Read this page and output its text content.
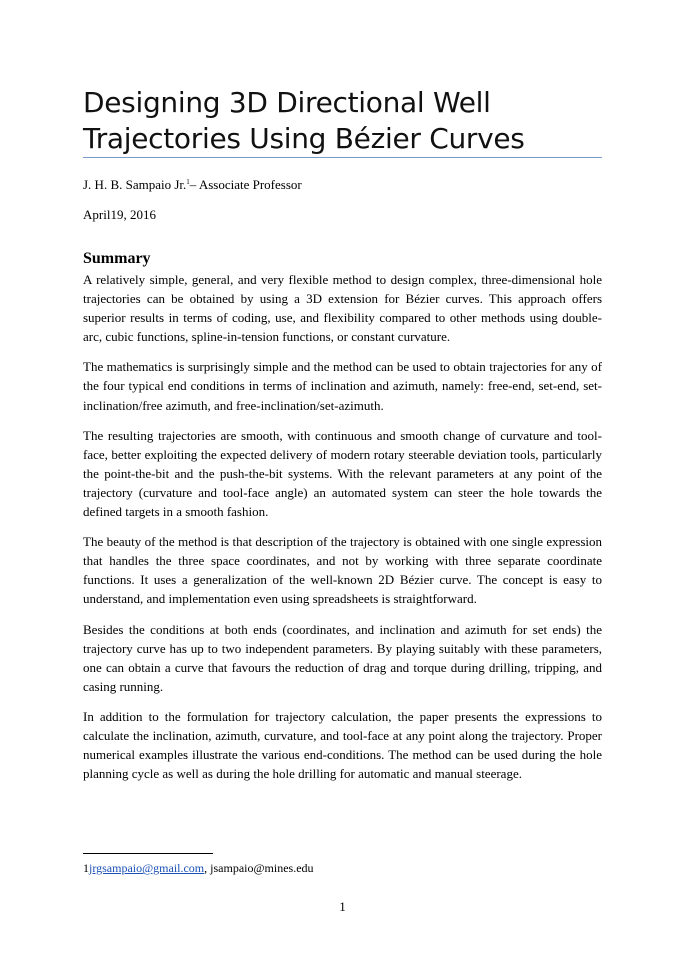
Designing 3D Directional Well Trajectories Using Bézier Curves
J. H. B. Sampaio Jr.$^1$– Associate Professor
April19, 2016
Summary

A relatively simple, general, and very flexible method to design complex, three-dimensional hole trajectories can be obtained by using a 3D extension for Bézier curves. This approach offers superior results in terms of coding, use, and flexibility compared to other methods using double-arc, cubic functions, spline-in-tension functions, or constant curvature.

The mathematics is surprisingly simple and the method can be used to obtain trajectories for any of the four typical end conditions in terms of inclination and azimuth, namely: free-end, set-end, set-inclination/free azimuth, and free-inclination/set-azimuth.

The resulting trajectories are smooth, with continuous and smooth change of curvature and tool-face, better exploiting the expected delivery of modern rotary steerable deviation tools, particularly the point-the-bit and the push-the-bit systems. With the relevant parameters at any point of the trajectory (curvature and tool-face angle) an automated system can steer the hole towards the defined targets in a smooth fashion.

The beauty of the method is that description of the trajectory is obtained with one single expression that handles the three space coordinates, and not by working with three separate coordinate functions. It uses a generalization of the well-known 2D Bézier curve. The concept is easy to understand, and implementation even using spreadsheets is straightforward.

Besides the conditions at both ends (coordinates, and inclination and azimuth for set ends) the trajectory curve has up to two independent parameters. By playing suitably with these parameters, one can obtain a curve that favours the reduction of drag and torque during drilling, tripping, and casing running.

In addition to the formulation for trajectory calculation, the paper presents the expressions to calculate the inclination, azimuth, curvature, and tool-face at any point along the trajectory. Proper numerical examples illustrate the various end-conditions. The method can be used during the hole planning cycle as well as during the hole drilling for automatic and manual steerage.

1jrgsampaio@gmail.com, jsampaio@mines.edu
1
